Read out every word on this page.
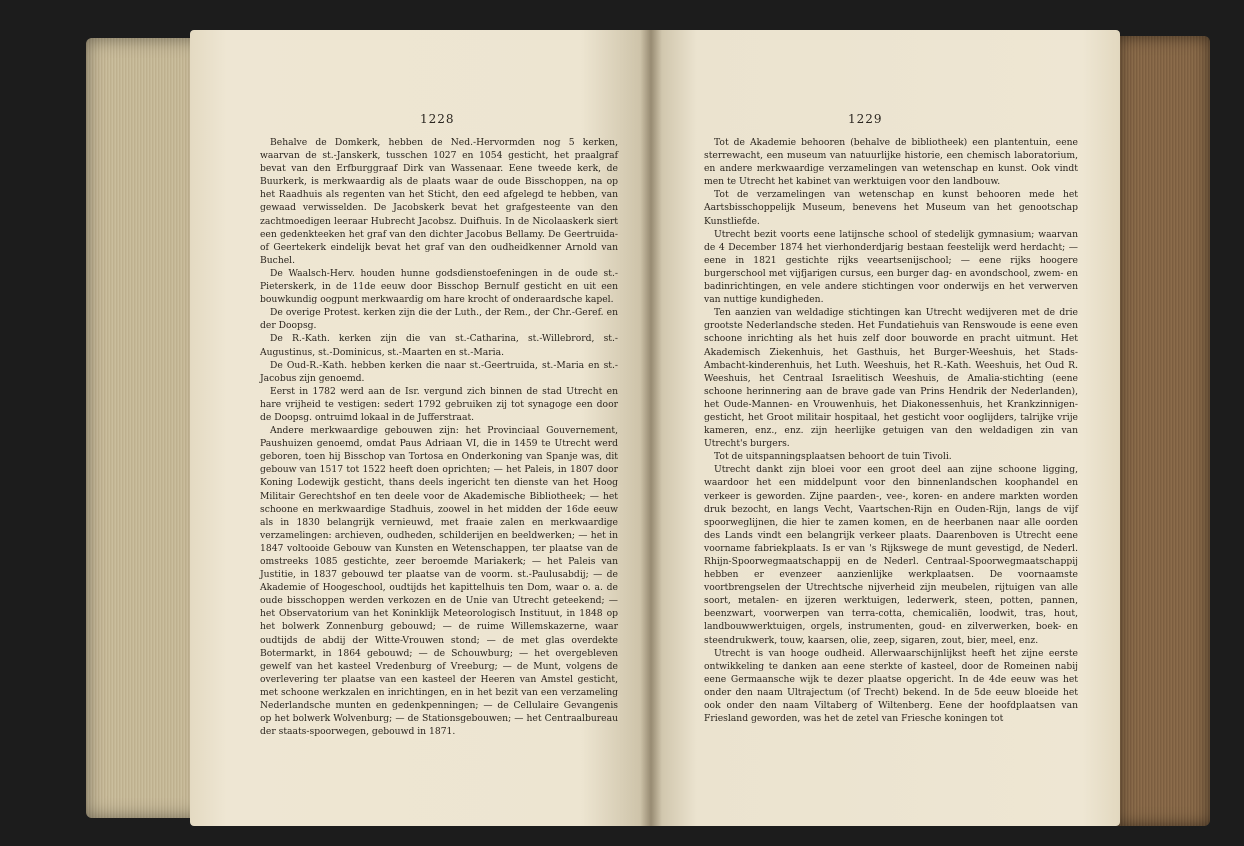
1228

Behalve de Domkerk, hebben de Ned.-Hervormden nog 5 kerken, waarvan de st.-Janskerk, tusschen 1027 en 1054 gesticht, het praalgraf bevat van den Erfburggraaf Dirk van Wassenaar. Eene tweede kerk, de Buurkerk, is merkwaardig als de plaats waar de oude Bisschoppen, na op het Raadhuis als regenten van het Sticht, den eed afgelegd te hebben, van gewaad verwisselden. De Jacobskerk bevat het grafgesteente van den zachtmoedigen leeraar Hubrecht Jacobsz. Duifhuis. In de Nicolaaskerk siert een gedenkteeken het graf van den dichter Jacobus Bellamy. De Geertruida- of Geertekerk eindelijk bevat het graf van den oudheidkenner Arnold van Buchel.

De Waalsch-Herv. houden hunne godsdienstoefeningen in de oude st.-Pieterskerk, in de 11de eeuw door Bisschop Bernulf gesticht en uit een bouwkundig oogpunt merkwaardig om hare krocht of onderaardsche kapel.

De overige Protest. kerken zijn die der Luth., der Rem., der Chr.-Geref. en der Doopsg.

De R.-Kath. kerken zijn die van st.-Catharina, st.-Willebrord, st.-Augustinus, st.-Dominicus, st.-Maarten en st.-Maria.

De Oud-R.-Kath. hebben kerken die naar st.-Geertruida, st.-Maria en st.-Jacobus zijn genoemd.

Eerst in 1782 werd aan de Isr. vergund zich binnen de stad Utrecht en hare vrijheid te vestigen: sedert 1792 gebruiken zij tot synagoge een door de Doopsg. ontruimd lokaal in de Jufferstraat.

Andere merkwaardige gebouwen zijn: het Provinciaal Gouvernement, Paushuizen genoemd, omdat Paus Adriaan VI, die in 1459 te Utrecht werd geboren, toen hij Bisschop van Tortosa en Onderkoning van Spanje was, dit gebouw van 1517 tot 1522 heeft doen oprichten; — het Paleis, in 1807 door Koning Lodewijk gesticht, thans deels ingericht ten dienste van het Hoog Militair Gerechtshof en ten deele voor de Akademische Bibliotheek; — het schoone en merkwaardige Stadhuis, zoowel in het midden der 16de eeuw als in 1830 belangrijk vernieuwd, met fraaie zalen en merkwaardige verzamelingen: archieven, oudheden, schilderijen en beeldwerken; — het in 1847 voltooide Gebouw van Kunsten en Wetenschappen, ter plaatse van de omstreeks 1085 gestichte, zeer beroemde Mariakerk; — het Paleis van Justitie, in 1837 gebouwd ter plaatse van de voorm. st.-Paulusabdij; — de Akademie of Hoogeschool, oudtijds het kapittelhuis ten Dom, waar o. a. de oude bisschoppen werden verkozen en de Unie van Utrecht geteekend; — het Observatorium van het Koninklijk Meteorologisch Instituut, in 1848 op het bolwerk Zonnenburg gebouwd; — de ruime Willemskazerne, waar oudtijds de abdij der Witte-Vrouwen stond; — de met glas overdekte Botermarkt, in 1864 gebouwd; — de Schouwburg; — het overgebleven gewelf van het kasteel Vredenburg of Vreeburg; — de Munt, volgens de overlevering ter plaatse van een kasteel der Heeren van Amstel gesticht, met schoone werkzalen en inrichtingen, en in het bezit van een verzameling Nederlandsche munten en gedenkpenningen; — de Cellulaire Gevangenis op het bolwerk Wolvenburg; — de Stationsgebouwen; — het Centraalbureau der staats-spoorwegen, gebouwd in 1871.

1229

Tot de Akademie behooren (behalve de bibliotheek) een plantentuin, eene sterrewacht, een museum van natuurlijke historie, een chemisch laboratorium, en andere merkwaardige verzamelingen van wetenschap en kunst. Ook vindt men te Utrecht het kabinet van werktuigen voor den landbouw.

Tot de verzamelingen van wetenschap en kunst behooren mede het Aartsbisschoppelijk Museum, benevens het Museum van het genootschap Kunstliefde.

Utrecht bezit voorts eene latijnsche school of stedelijk gymnasium; waarvan de 4 December 1874 het vierhonderdjarig bestaan feestelijk werd herdacht; — eene in 1821 gestichte rijks veeartsenijschool; — eene rijks hoogere burgerschool met vijfjarigen cursus, een burger dag- en avondschool, zwem- en badinrichtingen, en vele andere stichtingen voor onderwijs en het verwerven van nuttige kundigheden.

Ten aanzien van weldadige stichtingen kan Utrecht wedijveren met de drie grootste Nederlandsche steden. Het Fundatiehuis van Renswoude is eene even schoone inrichting als het huis zelf door bouworde en pracht uitmunt. Het Akademisch Ziekenhuis, het Gasthuis, het Burger-Weeshuis, het Stads-Ambacht-kinderenhuis, het Luth. Weeshuis, het R.-Kath. Weeshuis, het Oud R. Weeshuis, het Centraal Israelitisch Weeshuis, de Amalia-stichting (eene schoone herinnering aan de brave gade van Prins Hendrik der Nederlanden), het Oude-Mannen- en Vrouwenhuis, het Diakonessenhuis, het Krankzinnigen-gesticht, het Groot militair hospitaal, het gesticht voor ooglijders, talrijke vrije kameren, enz., enz. zijn heerlijke getuigen van den weldadigen zin van Utrecht's burgers.

Tot de uitspanningsplaatsen behoort de tuin Tivoli.

Utrecht dankt zijn bloei voor een groot deel aan zijne schoone ligging, waardoor het een middelpunt voor den binnenlandschen koophandel en verkeer is geworden. Zijne paarden-, vee-, koren- en andere markten worden druk bezocht, en langs Vecht, Vaartschen-Rijn en Ouden-Rijn, langs de vijf spoorweglijnen, die hier te zamen komen, en de heerbanen naar alle oorden des Lands vindt een belangrijk verkeer plaats. Daarenboven is Utrecht eene voorname fabriekplaats. Is er van 's Rijkswege de munt gevestigd, de Nederl. Rhijn-Spoorwegmaatschappij en de Nederl. Centraal-Spoorwegmaatschappij hebben er evenzeer aanzienlijke werkplaatsen. De voornaamste voortbrengselen der Utrechtsche nijverheid zijn meubelen, rijtuigen van alle soort, metalen- en ijzeren werktuigen, lederwerk, steen, potten, pannen, beenzwart, voorwerpen van terra-cotta, chemicaliën, loodwit, tras, hout, landbouwwerktuigen, orgels, instrumenten, goud- en zilverwerken, boek- en steendrukwerk, touw, kaarsen, olie, zeep, sigaren, zout, bier, meel, enz.

Utrecht is van hooge oudheid. Allerwaarschijnlijkst heeft het zijne eerste ontwikkeling te danken aan eene sterkte of kasteel, door de Romeinen nabij eene Germaansche wijk te dezer plaatse opgericht. In de 4de eeuw was het onder den naam Ultrajectum (of Trecht) bekend. In de 5de eeuw bloeide het ook onder den naam Viltaberg of Wiltenberg. Eene der hoofdplaatsen van Friesland geworden, was het de zetel van Friesche koningen tot
